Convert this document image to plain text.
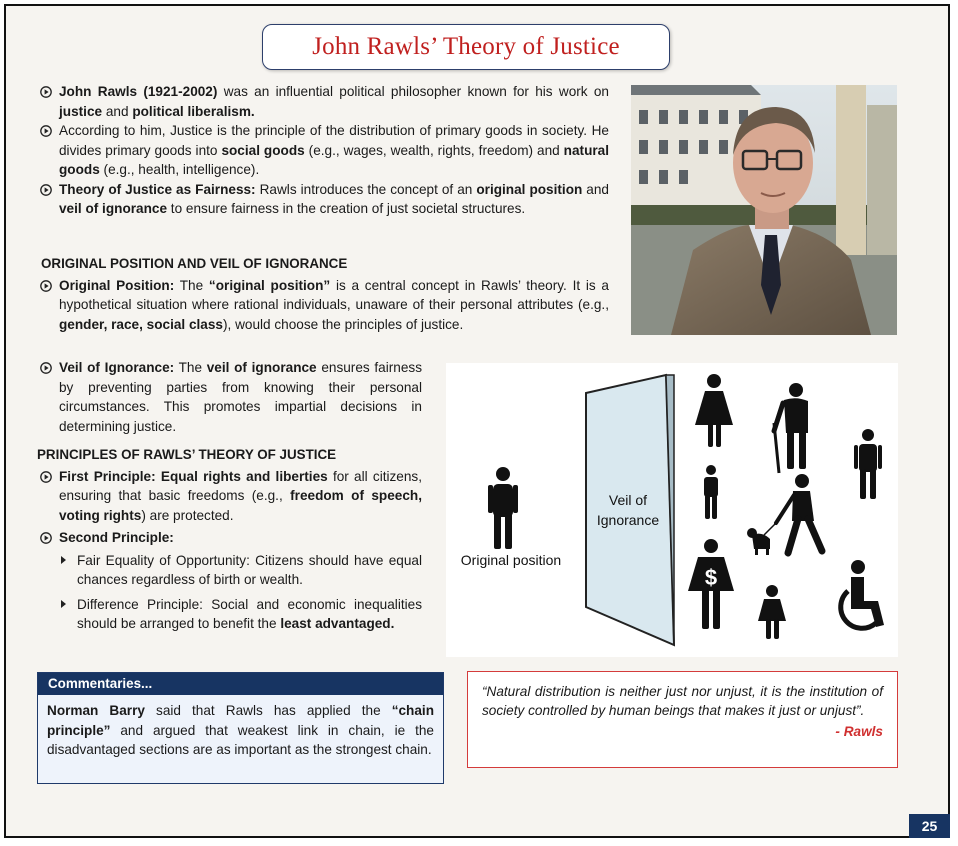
John Rawls’ Theory of Justice

John Rawls (1921-2002) was an influential political philosopher known for his work on justice and political liberalism.

According to him, Justice is the principle of the distribution of primary goods in society. He divides primary goods into social goods (e.g., wages, wealth, rights, freedom) and natural goods (e.g., health, intelligence).

Theory of Justice as Fairness: Rawls introduces the concept of an original position and veil of ignorance to ensure fairness in the creation of just societal structures.

ORIGINAL POSITION AND VEIL OF IGNORANCE

Original Position: The “original position” is a central concept in Rawls’ theory. It is a hypothetical situation where rational individuals, unaware of their personal attributes (e.g., gender, race, social class), would choose the principles of justice.

Veil of Ignorance: The veil of ignorance ensures fairness by preventing parties from knowing their personal circumstances. This promotes impartial decisions in determining justice.

PRINCIPLES OF RAWLS’ THEORY OF JUSTICE

First Principle: Equal rights and liberties for all citizens, ensuring that basic freedoms (e.g., freedom of speech, voting rights) are protected.

Second Principle:

Fair Equality of Opportunity: Citizens should have equal chances regardless of birth or wealth.

Difference Principle: Social and economic inequalities should be arranged to benefit the least advantaged.

Original position
Veil of
Ignorance
$
Commentaries...
Norman Barry said that Rawls has applied the “chain principle” and argued that weakest link in chain, ie the disadvantaged sections are as important as the strongest chain.

“Natural distribution is neither just nor unjust, it is the institution of society controlled by human beings that makes it just or unjust”.

- Rawls

25
